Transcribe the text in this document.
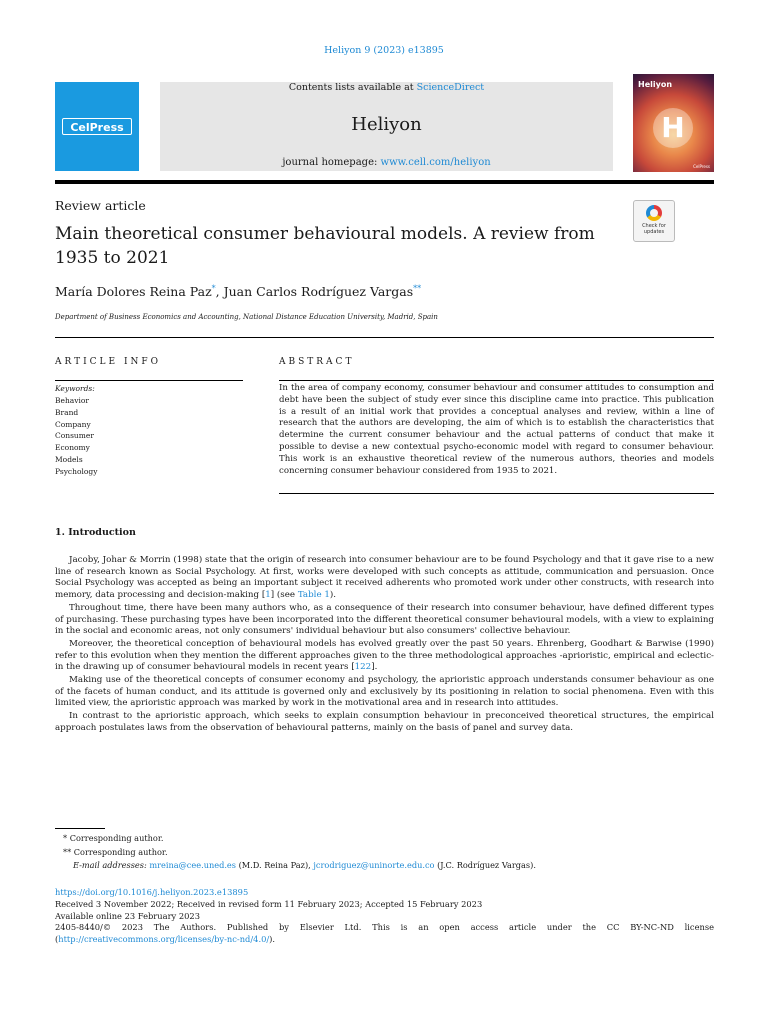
Heliyon 9 (2023) e13895
CelPress
Contents lists available at ScienceDirect
Heliyon
journal homepage: www.cell.com/heliyon
Heliyon
H
CelPress
Review article
Main theoretical consumer behavioural models. A review from 1935 to 2021
Check for updates
María Dolores Reina Paz*, Juan Carlos Rodríguez Vargas**
Department of Business Economics and Accounting, National Distance Education University, Madrid, Spain
ARTICLE INFO
Keywords:
Behavior
Brand
Company
Consumer
Economy
Models
Psychology
ABSTRACT
In the area of company economy, consumer behaviour and consumer attitudes to consumption and debt have been the subject of study ever since this discipline came into practice. This publication is a result of an initial work that provides a conceptual analyses and review, within a line of research that the authors are developing, the aim of which is to establish the characteristics that determine the current consumer behaviour and the actual patterns of conduct that make it possible to devise a new contextual psycho-economic model with regard to consumer behaviour. This work is an exhaustive theoretical review of the numerous authors, theories and models concerning consumer behaviour considered from 1935 to 2021.
1. Introduction

Jacoby, Johar & Morrin (1998) state that the origin of research into consumer behaviour are to be found Psychology and that it gave rise to a new line of research known as Social Psychology. At first, works were developed with such concepts as attitude, communication and persuasion. Once Social Psychology was accepted as being an important subject it received adherents who promoted work under other constructs, with research into memory, data processing and decision-making [1] (see Table 1).

Throughout time, there have been many authors who, as a consequence of their research into consumer behaviour, have defined different types of purchasing. These purchasing types have been incorporated into the different theoretical consumer behavioural models, with a view to explaining in the social and economic areas, not only consumers' individual behaviour but also consumers' collective behaviour.

Moreover, the theoretical conception of behavioural models has evolved greatly over the past 50 years. Ehrenberg, Goodhart & Barwise (1990) refer to this evolution when they mention the different approaches given to the three methodological approaches -aprioristic, empirical and eclectic-in the drawing up of consumer behavioural models in recent years [122].

Making use of the theoretical concepts of consumer economy and psychology, the aprioristic approach understands consumer behaviour as one of the facets of human conduct, and its attitude is governed only and exclusively by its positioning in relation to social phenomena. Even with this limited view, the aprioristic approach was marked by work in the motivational area and in research into attitudes.

In contrast to the aprioristic approach, which seeks to explain consumption behaviour in preconceived theoretical structures, the empirical approach postulates laws from the observation of behavioural patterns, mainly on the basis of panel and survey data.

* Corresponding author.
** Corresponding author.
E-mail addresses: mreina@cee.uned.es (M.D. Reina Paz), jcrodriguez@uninorte.edu.co (J.C. Rodríguez Vargas).
https://doi.org/10.1016/j.heliyon.2023.e13895
Received 3 November 2022; Received in revised form 11 February 2023; Accepted 15 February 2023
Available online 23 February 2023
2405-8440/© 2023 The Authors. Published by Elsevier Ltd. This is an open access article under the CC BY-NC-ND license (http://creativecommons.org/licenses/by-nc-nd/4.0/).
